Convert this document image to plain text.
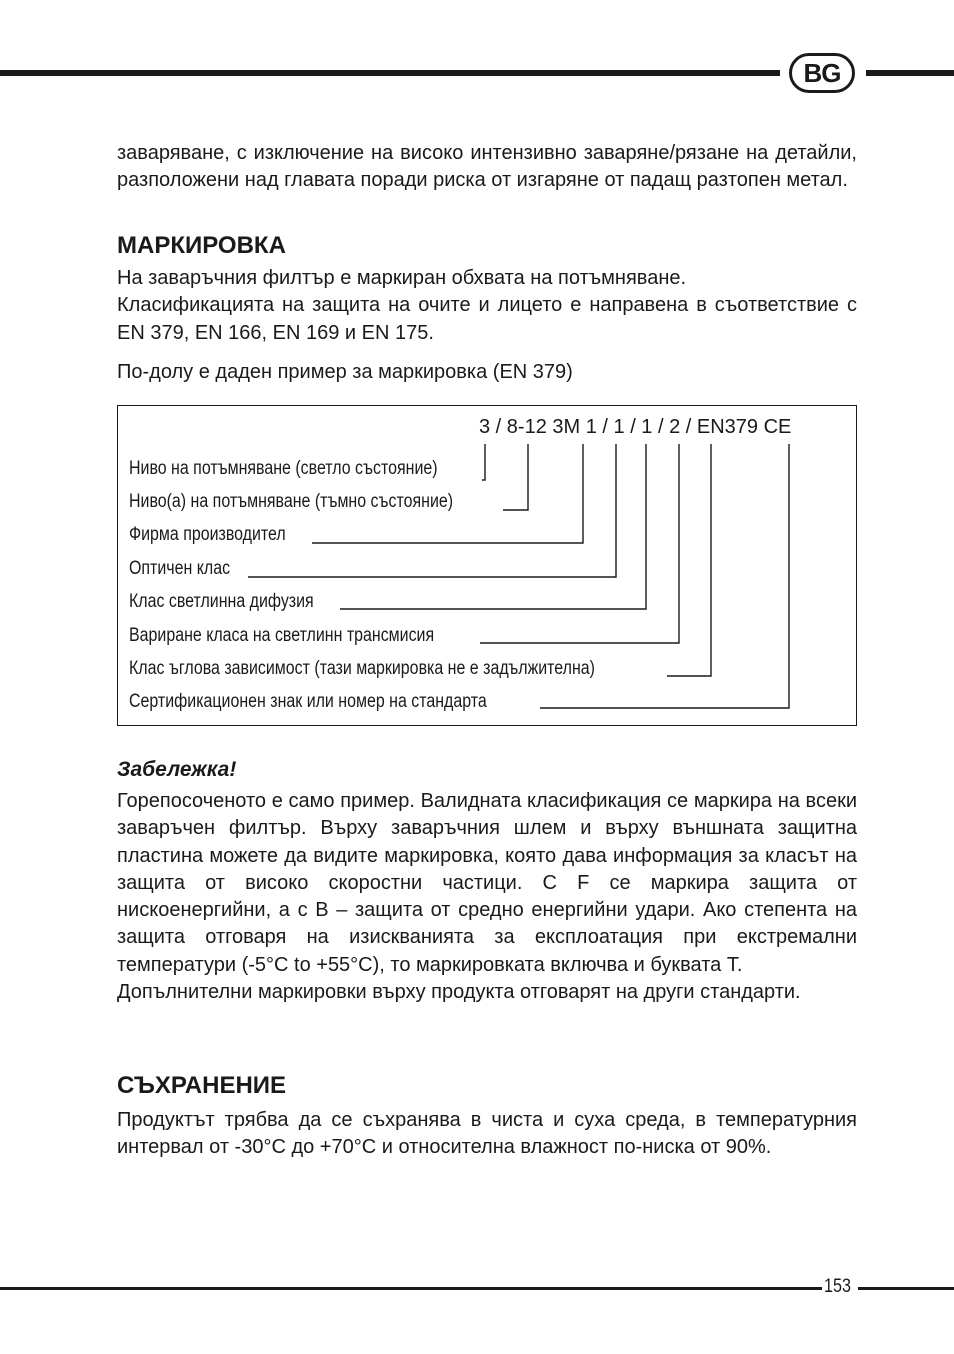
BG

заваряване, с изключение на високо интензивно заваряне/рязане на детайли, разположени над главата поради риска от изгаряне от падащ разтопен метал.

МАРКИРОВКА

На заваръчния филтър е маркиран обхвата на потъмняване.

Класификацията на защита на очите и лицето е направена в съответствие с EN 379, EN 166, EN 169 и EN 175.

По-долу е даден пример за маркировка (EN 379)

3 / 8-12 3M 1 / 1 / 1 / 2 / EN379 CE
Ниво на потъмняване (светло състояние)
Ниво(а) на потъмняване (тъмно състояние)
Фирма производител
Оптичен клас
Клас светлинна дифузия
Вариране класа на светлинн трансмисия
Клас ъглова зависимост (тази маркировка не е задължителна)
Сертификационен знак или номер на стандарта
Забележка!

Горепосоченото е само пример. Валидната класификация се маркира на всеки заваръчен филтър. Върху заваръчния шлем и върху външната защитна пластина можете да видите маркировка, която дава информация за класът на защита от високо скоростни частици. С F се маркира защита от нискоенергийни, а с В – защита от средно енергийни удари. Ако степента на защита отговаря на изискванията за експлоатация при екстремални температури (-5°C to +55°C), то маркировката включва и буквата Т.

Допълнителни маркировки върху продукта отговарят на други стандарти.

СЪХРАНЕНИЕ

Продуктът трябва да се съхранява в чиста и суха среда, в температурния интервал от -30°C до +70°C и относителна влажност по-ниска от 90%.

153
